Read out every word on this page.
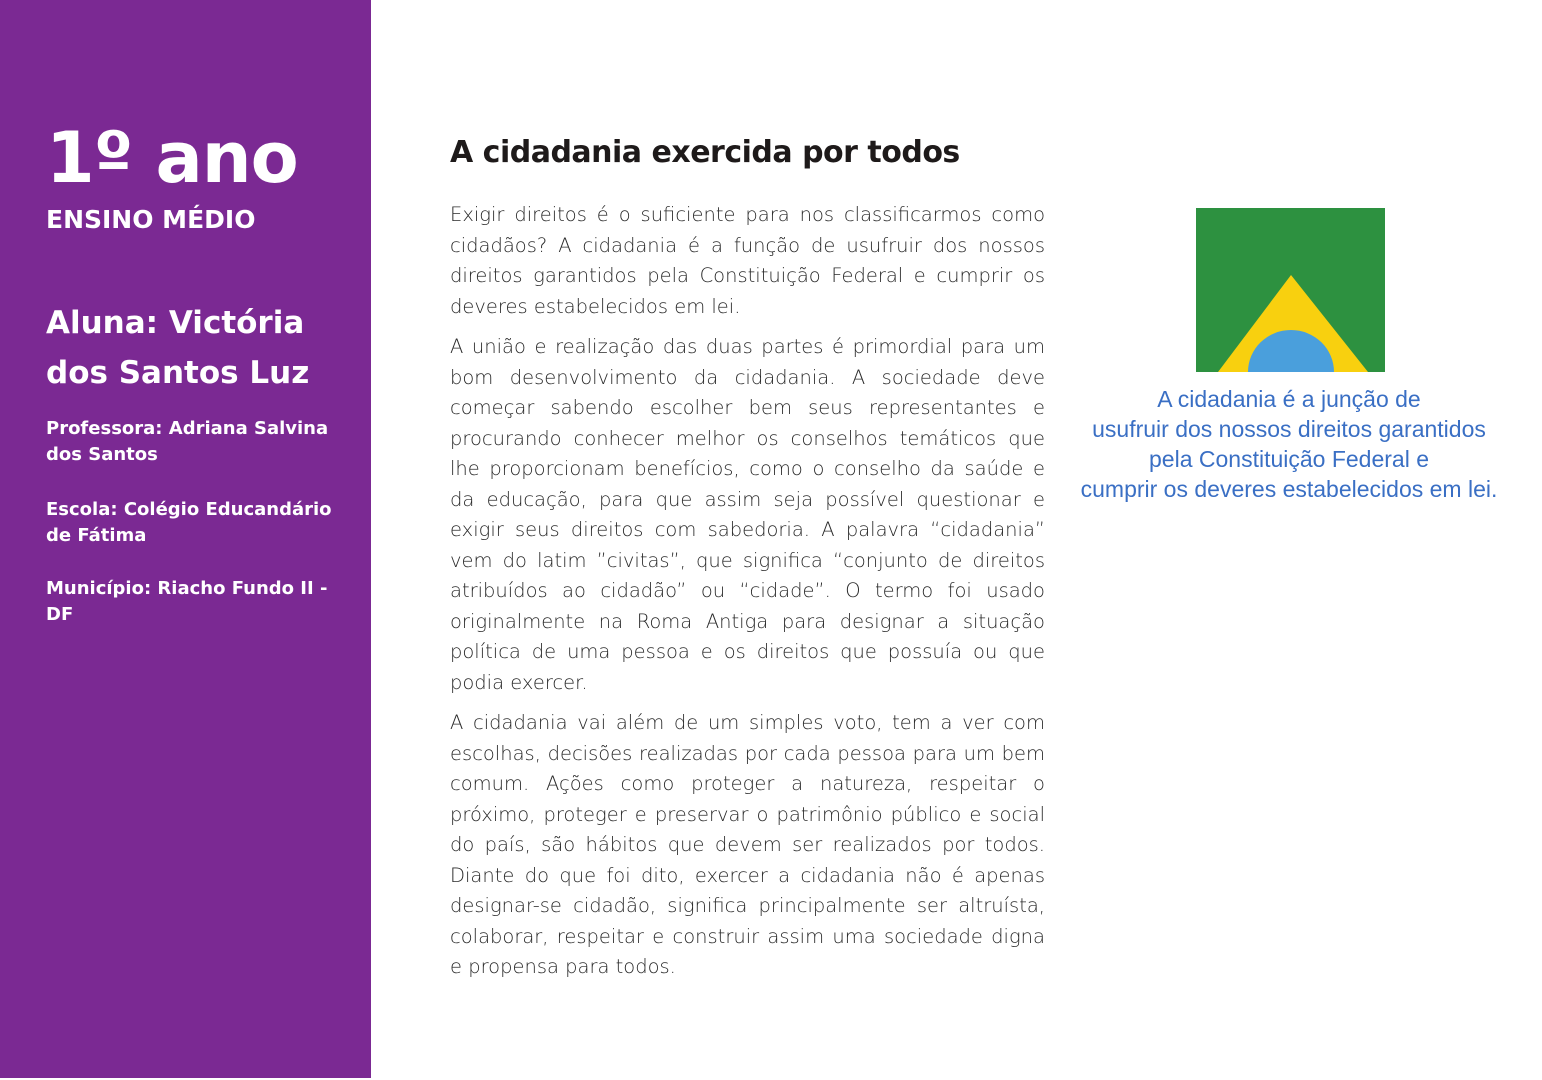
1º ano
ENSINO MÉDIO
Aluna: Victória dos Santos Luz
Professora: Adriana Salvina dos Santos
Escola: Colégio Educandário de Fátima
Município: Riacho Fundo II - DF
A cidadania exercida por todos

Exigir direitos é o suficiente para nos classificarmos como cidadãos? A cidadania é a função de usufruir dos nossos direitos garantidos pela Constituição Federal e cumprir os deveres estabelecidos em lei.

A união e realização das duas partes é primordial para um bom desenvolvimento da cidadania. A sociedade deve começar sabendo escolher bem seus representantes e procurando conhecer melhor os conselhos temáticos que lhe proporcionam benefícios, como o conselho da saúde e da educação, para que assim seja possível questionar e exigir seus direitos com sabedoria. A palavra “cidadania” vem do latim ”civitas”, que significa “conjunto de direitos atribuídos ao cidadão” ou “cidade”. O termo foi usado originalmente na Roma Antiga para designar a situação política de uma pessoa e os direitos que possuía ou que podia exercer.

A cidadania vai além de um simples voto, tem a ver com escolhas, decisões realizadas por cada pessoa para um bem comum. Ações como proteger a natureza, respeitar o próximo, proteger e preservar o patrimônio público e social do país, são hábitos que devem ser realizados por todos. Diante do que foi dito, exercer a cidadania não é apenas designar-se cidadão, significa principalmente ser altruísta, colaborar, respeitar e construir assim uma sociedade digna e propensa para todos.

A cidadania é a junção de
usufruir dos nossos direitos garantidos
pela Constituição Federal e
cumprir os deveres estabelecidos em lei.
